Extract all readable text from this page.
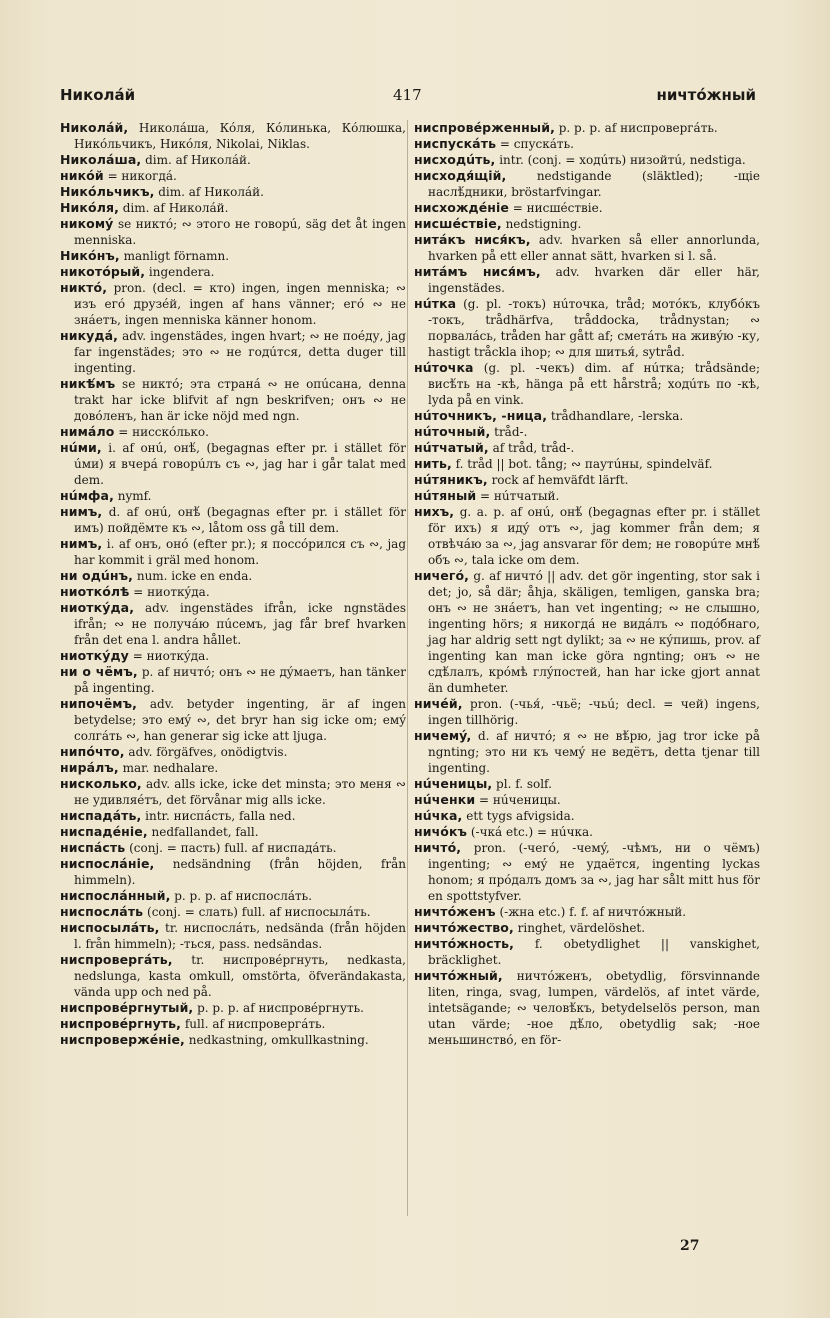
Николáй	417	ничтóжный
Николáй, Николáша, Кóля, Кóлинька, Кóлюшка, Никóльчикъ, Никóля, Nikolai, Niklas.
Николáша, dim. af Николáй.
никóй = никогдá.
Никóльчикъ, dim. af Николáй.
Никóля, dim. af Николáй.
никомý se никтó; ∾ этого не говорú, säg det åt ingen menniska.
Никóнъ, manligt förnamn.
никотóрый, ingendera.
никтó, pron. (decl. = кто) ingen, ingen menniska; ∾ изъ егó друзéй, ingen af hans vänner; егó ∾ не знáетъ, ingen menniska känner honom.
никудá, adv. ingenstädes, ingen hvart; ∾ не поéду, jag far ingenstädes; это ∾ не годúтся, detta duger till ingenting.
никѣ́мъ se никтó; эта странá ∾ не опúсана, denna trakt har icke blifvit af ngn beskrifven; онъ ∾ не довóленъ, han är icke nöjd med ngn.
нимáло = нисскóлько.
нúми, i. af онú, онѣ́, (begagnas efter pr. i stället för úми) я вчерá говорúлъ съ ∾, jag har i går talat med dem.
нúмфа, nymf.
нимъ, d. af онú, онѣ́ (begagnas efter pr. i stället för имъ) пойдёмте къ ∾, låtom oss gå till dem.
нимъ, i. af онъ, онó (efter pr.); я поссóрился съ ∾, jag har kommit i gräl med honom.
ни одúнъ, num. icke en enda.
ниоткóлѣ = ниоткýда.
ниоткýда, adv. ingenstädes ifrån, icke ngnstädes ifrån; ∾ не получáю пúсемъ, jag får bref hvarken från det ena l. andra hållet.
ниоткýду = ниоткýда.
ни о чёмъ, p. af ничтó; онъ ∾ не дýмаетъ, han tänker på ingenting.
нипочёмъ, adv. betyder ingenting, är af ingen betydelse; это емý ∾, det bryr han sig icke om; емý солгáть ∾, han generar sig icke att ljuga.
нипóчто, adv. förgäfves, onödigtvis.
нирáлъ, mar. nedhalare.
нисколько, adv. alls icke, icke det minsta; это меня ∾ не удивляéтъ, det förvånar mig alls icke.
ниспадáть, intr. ниспáсть, falla ned.
ниспадéніе, nedfallandet, fall.
ниспáсть (conj. = пасть) full. af ниспадáть.
ниспослáніе, nedsändning (från höjden, från himmeln).
ниспослáнный, p. p. p. af ниспослáть.
ниспослáть (conj. = слать) full. af ниспосылáть.
ниспосылáть, tr. ниспослáть, nedsända (från höjden l. från himmeln); -ться, pass. nedsändas.
ниспровергáть, tr. ниспровéргнуть, nedkasta, nedslunga, kasta omkull, omstörta, öfverändakasta, vända upp och ned på.
ниспровéргнутый, p. p. p. af ниспровéргнуть.
ниспровéргнуть, full. af ниспровергáть.
ниспровержéніе, nedkastning, omkullkastning.
ниспровéрженный, p. p. p. af ниспровергáть.
ниспускáть = спускáть.
нисходúть, intr. (conj. = ходúть) низойтú, nedstiga.
нисходя́щій,	nedstigande (släktled); -щіе наслѣ́дники, bröstarfvingar.
нисхождéніе = нисшéствіе.
нисшéствіе, nedstigning.
нитáкъ нися́къ, adv. hvarken så eller annorlunda, hvarken på ett eller annat sätt, hvarken si l. så.
нитáмъ нися́мъ, adv. hvarken där eller här, ingenstädes.
нúтка (g. pl. -токъ) нúточка, tråd; мотóкъ, клубóкъ -токъ, trådhärfva, tråddocka, trådnystan; ∾ порвалáсь, tråden har gått af; сметáть на живýю -ку, hastigt tråckla ihop; ∾ для шитья́, sytråd.
нúточка (g. pl. -чекъ) dim. af нúтка; trådsände; висѣ́ть на -кѣ, hänga på ett hårstrå; ходúть по -кѣ, lyda på en vink.
нúточникъ, -ница, trådhandlare, -lerska.
нúточный, tråd-.
нúтчатый, af tråd, tråd-.
нить, f. tråd || bot. tång; ∾ паутúны, spindelväf.
нúтяникъ, rock af hemväfdt lärft.
нúтяный = нúтчатый.
нихъ, g. a. p. af онú, онѣ́ (begagnas efter pr. i stället för ихъ) я идý отъ ∾, jag kommer från dem; я отвѣчáю за ∾, jag ansvarar för dem; не говорúте мнѣ́ объ ∾, tala icke om dem.
ничегó, g. af ничтó || adv. det gör ingenting, stor sak i det; jo, så där; åhja, skäligen, temligen, ganska bra; онъ ∾ не знáетъ, han vet ingenting; ∾ не слышно, ingenting hörs; я никогдá не видáлъ ∾ подóбнаго, jag har aldrig sett ngt dylikt; за ∾ не кýпишь, prov. af ingenting kan man icke göra ngnting; онъ ∾ не сдѣ́лалъ, крóмѣ глýпостей, han har icke gjort annat än dumheter.
ничéй, pron. (-чья́, -чьё; -чьú; decl. = чей) ingens, ingen tillhörig.
ничемý, d. af ничтó; я ∾ не вѣ́рю, jag tror icke på ngnting; это ни къ чемý не ведётъ, detta tjenar till ingenting.
нúченицы, pl. f. solf.
нúченки = нúченицы.
нúчка, ett tygs afvigsida.
ничóкъ (-чкá etc.) = нúчка.
ничтó, pron. (-чегó, -чемý, -чѣмъ, ни о чёмъ) ingenting; ∾ емý не удаётся, ingenting lyckas honom; я прóдалъ домъ за ∾, jag har sålt mitt hus för en spottstyfver.
ничтóженъ (-жна etc.) f. f. af ничтóжный.
ничтóжество, ringhet, värdelöshet.
ничтóжность, f. obetydlighet || vanskighet, bräcklighet.
ничтóжный, ничтóженъ, obetydlig, försvinnande liten, ringa, svag, lumpen, värdelös, af intet värde, intetsägande; ∾ человѣ́къ, betydelselös person, man utan värde; -ное дѣ́ло, obetydlig sak; -ное меньшинствó, en för-
27
